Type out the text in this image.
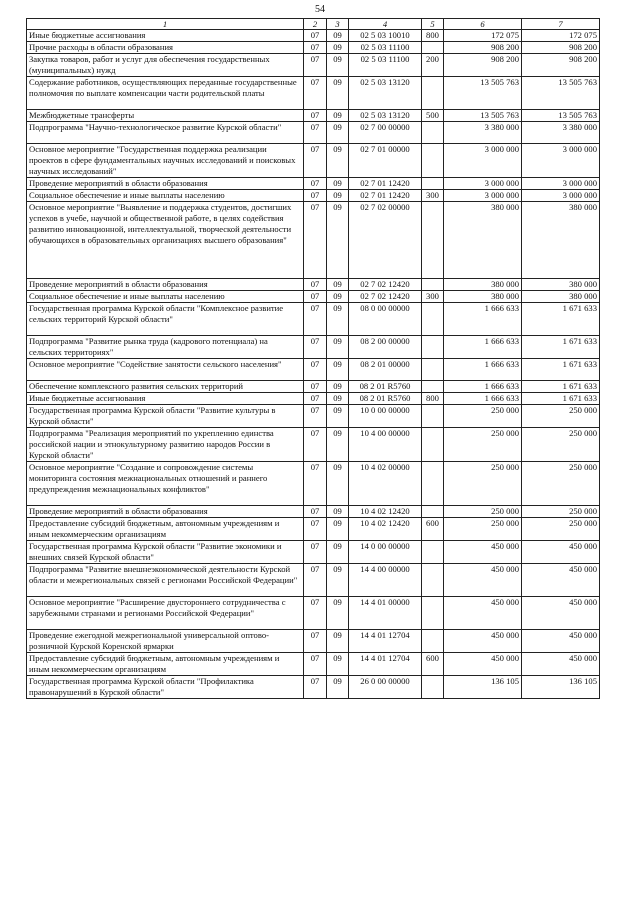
54
1	2	3	4	5	6	7
Иные бюджетные ассигнования	07	09	02 5 03 10010	800	172 075	172 075
Прочие расходы в области образования	07	09	02 5 03 11100		908 200	908 200
Закупка товаров, работ и услуг для обеспечения государственных (муниципальных) нужд	07	09	02 5 03 11100	200	908 200	908 200
Содержание работников, осуществляющих переданные государственные полномочия по выплате компенсации части родительской платы	07	09	02 5 03 13120		13 505 763	13 505 763
Межбюджетные трансферты	07	09	02 5 03 13120	500	13 505 763	13 505 763
Подпрограмма "Научно-технологическое развитие Курской области"	07	09	02 7 00 00000		3 380 000	3 380 000
Основное мероприятие "Государственная поддержка реализации проектов в сфере фундаментальных научных исследований и поисковых научных исследований"	07	09	02 7 01 00000		3 000 000	3 000 000
Проведение мероприятий в области образования	07	09	02 7 01 12420		3 000 000	3 000 000
Социальное обеспечение и иные выплаты населению	07	09	02 7 01 12420	300	3 000 000	3 000 000
Основное мероприятие "Выявление и поддержка студентов, достигших успехов в учебе, научной и общественной работе, в целях содействия развитию инновационной, интеллектуальной, творческой деятельности обучающихся в образовательных организациях высшего образования"	07	09	02 7 02 00000		380 000	380 000
Проведение мероприятий в области образования	07	09	02 7 02 12420		380 000	380 000
Социальное обеспечение и иные выплаты населению	07	09	02 7 02 12420	300	380 000	380 000
Государственная программа Курской области "Комплексное развитие сельских территорий Курской области"	07	09	08 0 00 00000		1 666 633	1 671 633
Подпрограмма "Развитие рынка труда (кадрового потенциала) на сельских территориях"	07	09	08 2 00 00000		1 666 633	1 671 633
Основное мероприятие "Содействие занятости сельского населения"	07	09	08 2 01 00000		1 666 633	1 671 633
Обеспечение комплексного развития сельских территорий	07	09	08 2 01 R5760		1 666 633	1 671 633
Иные бюджетные ассигнования	07	09	08 2 01 R5760	800	1 666 633	1 671 633
Государственная программа Курской области "Развитие культуры в Курской области"	07	09	10 0 00 00000		250 000	250 000
Подпрограмма "Реализация мероприятий по укреплению единства российской нации и этнокультурному развитию народов России в Курской области"	07	09	10 4 00 00000		250 000	250 000
Основное мероприятие "Создание и сопровождение системы мониторинга состояния межнациональных отношений и раннего предупреждения межнациональных конфликтов"	07	09	10 4 02 00000		250 000	250 000
Проведение мероприятий в области образования	07	09	10 4 02 12420		250 000	250 000
Предоставление субсидий бюджетным, автономным учреждениям и иным некоммерческим организациям	07	09	10 4 02 12420	600	250 000	250 000
Государственная программа Курской области "Развитие экономики и внешних связей Курской области"	07	09	14 0 00 00000		450 000	450 000
Подпрограмма "Развитие внешнеэкономической деятельности Курской области и межрегиональных связей с регионами Российской Федерации"	07	09	14 4 00 00000		450 000	450 000
Основное мероприятие "Расширение двустороннего сотрудничества с зарубежными странами и регионами Российской Федерации"	07	09	14 4 01 00000		450 000	450 000
Проведение ежегодной межрегиональной универсальной оптово-розничной Курской Коренской ярмарки	07	09	14 4 01 12704		450 000	450 000
Предоставление субсидий бюджетным, автономным учреждениям и иным некоммерческим организациям	07	09	14 4 01 12704	600	450 000	450 000
Государственная программа Курской области "Профилактика правонарушений в Курской области"	07	09	26 0 00 00000		136 105	136 105
